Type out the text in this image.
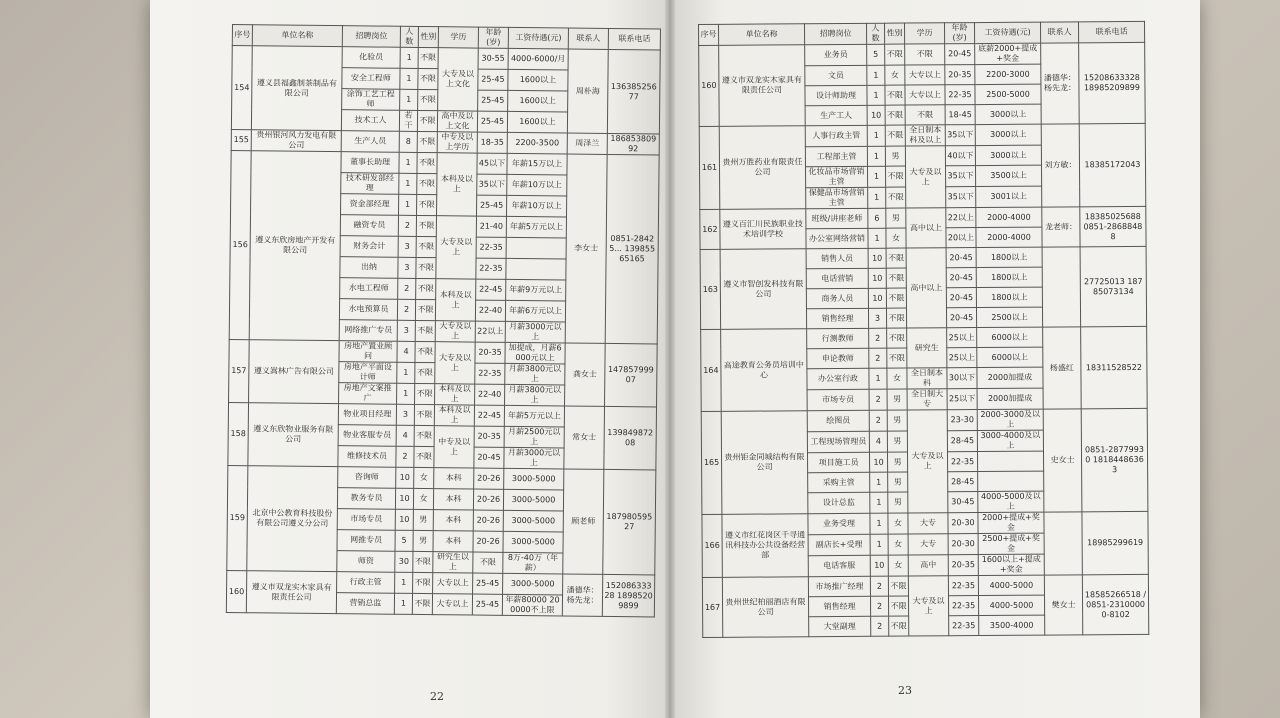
序号	单位名称	招聘岗位	人数	性别	学历	年龄(岁)	工资待遇(元)	联系人	联系电话
154	遵义县福鑫制茶制品有限公司	化验员	1	不限	大专及以上文化	30-55	4000-6000/月	周朴海	13638525677
		安全工程师	1	不限		25-45	1600以上		
		涂饰工艺工程师	1	不限		25-45	1600以上		
		技术工人	若干	不限	高中及以上文化	25-45	1600以上		
155	贵州银河风力发电有限公司	生产人员	8	不限	中专及以上学历	18-35	2200-3500	周泽兰	18685380992
156	遵义东欣房地产开发有限公司	董事长助理	1	不限	本科及以上	45以下	年薪15万以上	李女士	0851-28425... 13985565165
		技术研发部经理	1	不限		35以下	年薪10万以上		
		资金部经理	1	不限		25-45	年薪10万以上		
		融资专员	2	不限	大专及以上	21-40	年薪5万元以上		
		财务会计	3	不限		22-35			
		出纳	3	不限		22-35			
		水电工程师	2	不限	本科及以上	22-45	年薪9万元以上		
		水电预算员	2	不限		22-40	年薪6万元以上		
		网络推广专员	3	不限	大专及以上	22以上	月薪3000元以上		
157	遵义嵩林广告有限公司	房地产置业顾问	4	不限	大专及以上	20-35	加提成，月薪6000元以上	龚女士	14785799907
		房地产平面设计师	1	不限		22-35	月薪3800元以上		
		房地产文案推广	1	不限	本科及以上	22-40	月薪3800元以上		
158	遵义东欣物业服务有限公司	物业项目经理	3	不限	本科及以上	22-45	年薪5万元以上	常女士	13984987208
		物业客服专员	4	不限	中专及以上	20-35	月薪2500元以上		
		维修技术员	2	不限		20-45	月薪3000元以上		
159	北京中公教育科技股份有限公司遵义分公司	咨询师	10	女	本科	20-26	3000-5000	顾老师	18798059527
		教务专员	10	女	本科	20-26	3000-5000		
		市场专员	10	男	本科	20-26	3000-5000		
		网推专员	5	男	本科	20-26	3000-5000		
		师资	30	不限	研究生以上	不限	8万-40万（年薪）		
160	遵义市双龙实木家具有限责任公司	行政主管	1	不限	大专以上	25-45	3000-5000	潘德华：杨先龙：	15208633328 18985209899
		营销总监	1	不限	大专以上	25-45	年薪80000 200000不上限		
22
序号	单位名称	招聘岗位	人数	性别	学历	年龄(岁)	工资待遇(元)	联系人	联系电话
160	遵义市双龙实木家具有限责任公司	业务员	5	不限	不限	20-45	底薪2000+提成+奖金	潘德华：杨先龙：	15208633328 18985209899
		文员	1	女	大专以上	20-35	2200-3000		
		设计师助理	1	不限	大专以上	22-35	2500-5000		
		生产工人	10	不限	不限	18-45	3000以上		
161	贵州万胜药业有限责任公司	人事行政主管	1	不限	全日制本科及以上	35以下	3000以上	刘方敏：	18385172043
		工程部主管	1	男	大专及以上	40以下	3000以上		
		化妆品市场营销主管	1	不限		35以下	3500以上		
		保健品市场营销主管	1	不限		35以下	3001以上		
162	遵义百汇川民族职业技术培训学校	班级/讲座老师	6	男	高中以上	22以上	2000-4000	龙老师：	18385025688 0851-28688488
		办公室网络营销	1	女		20以上	2000-4000		
163	遵义市智创发科技有限公司	销售人员	10	不限	高中以上	20-45	1800以上		27725013 18785073134
		电话营销	10	不限		20-45	1800以上		
		商务人员	10	不限		20-45	1800以上		
		销售经理	3	不限		20-45	2500以上		
164	高途教育公务员培训中心	行测教师	2	不限	研究生	25以上	6000以上	杨盛红	18311528522
		申论教师	2	不限		25以上	6000以上		
		办公室行政	1	女	全日制本科	30以下	2000加提成		
		市场专员	2	男	全日制大专	25以下	2000加提成		
165	贵州钜金同城结构有限公司	绘图员	2	男	大专及以上	23-30	2000-3000及以上	史女士	0851-28779930 18184486363
		工程现场管理员	4	男		28-45	3000-4000及以上		
		项目施工员	10	男		22-35			
		采购主管	1	男		28-45			
		设计总监	1	男		30-45	4000-5000及以上		
166	遵义市红花岗区千寻通讯科技办公共设备经营部	业务受理	1	女	大专	20-30	2000+提成+奖金		18985299619
		副店长+受理	1	女	大专	20-30	2500+提成+奖金		
		电话客服	10	女	高中	20-35	1600以上+提成+奖金		
167	贵州世纪柏丽酒店有限公司	市场推广经理	2	不限	大专及以上	22-35	4000-5000	樊女士	18585266518 /0851-23100000-8102
		销售经理	2	不限		22-35	4000-5000		
		大堂副理	2	不限		22-35	3500-4000		
23
